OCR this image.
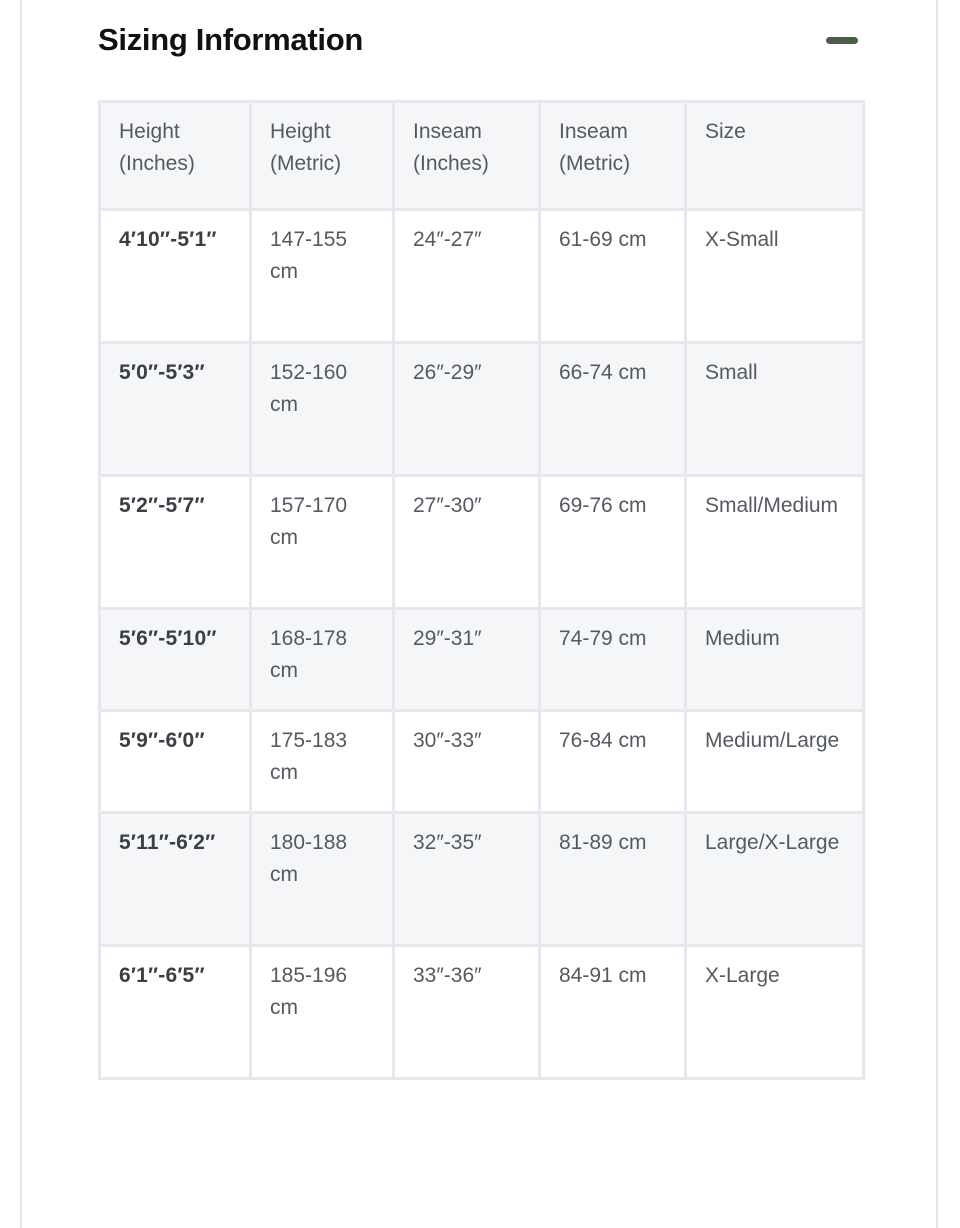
Sizing Information
Height (Inches)	Height (Metric)	Inseam (Inches)	Inseam (Metric)	Size
4′10″-5′1″	147-155 cm	24″-27″	61-69 cm	X-Small
5′0″-5′3″	152-160 cm	26″-29″	66-74 cm	Small
5′2″-5′7″	157-170 cm	27″-30″	69-76 cm	Small/Medium
5′6″-5′10″	168-178 cm	29″-31″	74-79 cm	Medium
5′9″-6′0″	175-183 cm	30″-33″	76-84 cm	Medium/Large
5′11″-6′2″	180-188 cm	32″-35″	81-89 cm	Large/X-Large
6′1″-6′5″	185-196 cm	33″-36″	84-91 cm	X-Large
